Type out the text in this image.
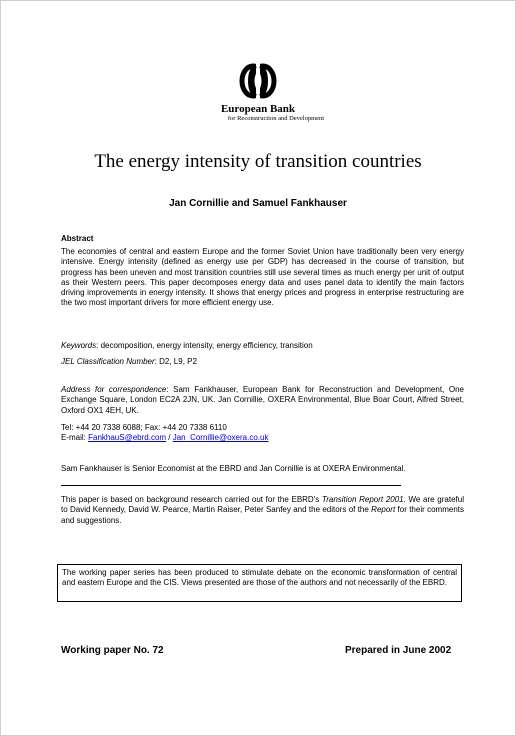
European Bank
for Reconstruction and Development
The energy intensity of transition countries
Jan Cornillie and Samuel Fankhauser
Abstract
The economies of central and eastern Europe and the former Soviet Union have traditionally been very energy intensive. Energy intensity (defined as energy use per GDP) has decreased in the course of transition, but progress has been uneven and most transition countries still use several times as much energy per unit of output as their Western peers. This paper decomposes energy data and uses panel data to identify the main factors driving improvements in energy intensity. It shows that energy prices and progress in enterprise restructuring are the two most important drivers for more efficient energy use.

Keywords: decomposition, energy intensity, energy efficiency, transition

JEL Classification Number: D2, L9, P2

Address for correspondence: Sam Fankhauser, European Bank for Reconstruction and Development, One Exchange Square, London EC2A 2JN, UK. Jan Cornillie, OXERA Environmental, Blue Boar Court, Alfred Street, Oxford OX1 4EH, UK.

Tel: +44 20 7338 6088; Fax: +44 20 7338 6110

E-mail: FankhauS@ebrd.com / Jan_Cornillie@oxera.co.uk

Sam Fankhauser is Senior Economist at the EBRD and Jan Cornillie is at OXERA Environmental.
This paper is based on background research carried out for the EBRD's Transition Report 2001. We are grateful to David Kennedy, David W. Pearce, Martin Raiser, Peter Sanfey and the editors of the Report for their comments and suggestions.
The working paper series has been produced to stimulate debate on the economic transformation of central and eastern Europe and the CIS. Views presented are those of the authors and not necessarily of the EBRD.
Working paper No. 72	Prepared in June 2002
